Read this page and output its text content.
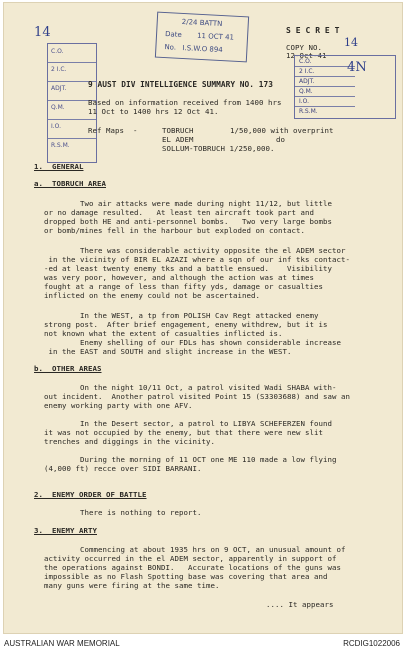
14
2/24 BATTN
Date 11 OCT 41
No. I.S.W.O 894
S E C R E T
COPY NO. 14
12-Oct-41
C.O.
2 I.C.
ADJT.
Q.M.
I.O.
R.S.M.
4N
C.O.
2 I.C.
ADJT.
Q.M.
I.O.
R.S.M.
9 AUST DIV INTELLIGENCE SUMMARY NO. 173
Based on information received from 1400 hrs
11 Oct to 1400 hrs 12 Oct 41.
Ref Maps  -	TOBRUCH	1/50,000 with overprint
EL ADEM	do
SOLLUM-TOBRUCH 1/250,000.
1.  GENERAL
a.  TOBRUCH AREA
Two air attacks were made during night 11/12, but little
or no damage resulted.   At least ten aircraft took part and
dropped both HE and anti-personnel bombs.   Two very large bombs
or bomb/mines fell in the harbour but exploded on contact.
There was considerable activity opposite the el ADEM sector
in the vicinity of BIR EL AZAZI where a sqn of our inf tks contact-
-ed at least twenty enemy tks and a battle ensued.    Visibility
was very poor, however, and although the action was at times
fought at a range of less than fifty yds, damage or casualties
inflicted on the enemy could not be ascertained.
In the WEST, a tp from POLISH Cav Regt attacked enemy
strong post.  After brief engagement, enemy withdrew, but it is
not known what the extent of casualties inflicted is.
Enemy shelling of our FDLs has shown considerable increase
in the EAST and SOUTH and slight increase in the WEST.
b.  OTHER AREAS
On the night 10/11 Oct, a patrol visited Wadi SHABA with-
out incident.  Another patrol visited Point 15 (S3303688) and saw an
enemy working party with one AFV.
In the Desert sector, a patrol to LIBYA SCHEFERZEN found
it was not occupied by the enemy, but that there were new slit
trenches and diggings in the vicinity.
During the morning of 11 OCT one ME 110 made a low flying
(4,000 ft) recce over SIDI BARRANI.
2.  ENEMY ORDER OF BATTLE
There is nothing to report.
3.  ENEMY ARTY
Commencing at about 1935 hrs on 9 OCT, an unusual amount of
activity occurred in the el ADEM sector, apparently in support of
the operations against BONDI.   Accurate locations of the guns was
impossible as no Flash Spotting base was covering that area and
many guns were firing at the same time.
.... It appears
AUSTRALIAN WAR MEMORIAL	RCDIG1022006
